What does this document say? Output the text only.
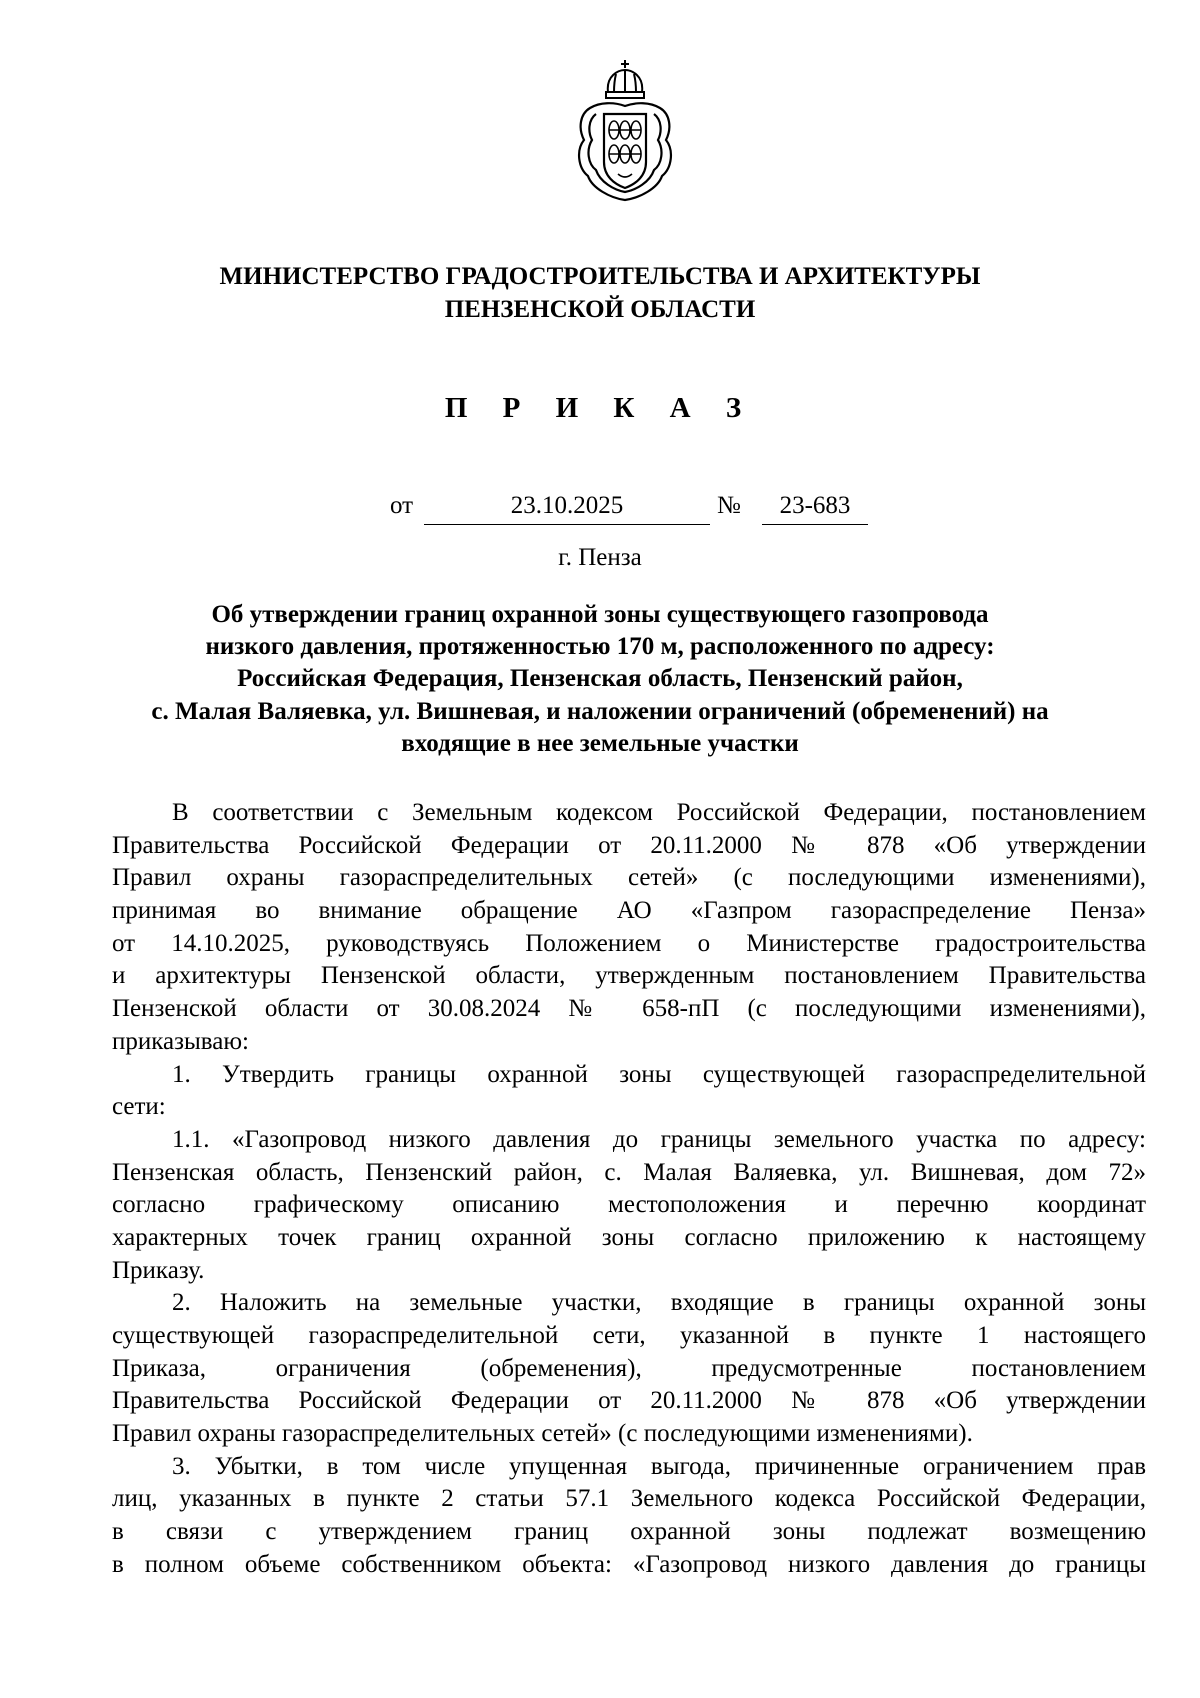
МИНИСТЕРСТВО ГРАДОСТРОИТЕЛЬСТВА И АРХИТЕКТУРЫ
ПЕНЗЕНСКОЙ ОБЛАСТИ
П Р И К А З
от	23.10.2025	№	23-683
г. Пенза
Об утверждении границ охранной зоны существующего газопровода
низкого давления, протяженностью 170 м, расположенного по адресу:
Российская Федерация, Пензенская область, Пензенский район,
с. Малая Валяевка, ул. Вишневая, и наложении ограничений (обременений) на
входящие в нее земельные участки
В соответствии с Земельным кодексом Российской Федерации, постановлением
Правительства Российской Федерации от 20.11.2000 № 878 «Об утверждении
Правил охраны газораспределительных сетей» (с последующими изменениями),
принимая во внимание обращение АО «Газпром газораспределение Пенза»
от 14.10.2025, руководствуясь Положением о Министерстве градостроительства
и архитектуры Пензенской области, утвержденным постановлением Правительства
Пензенской области от 30.08.2024 № 658-пП (с последующими изменениями),
приказываю:
1. Утвердить границы охранной зоны существующей газораспределительной
сети:
1.1. «Газопровод низкого давления до границы земельного участка по адресу:
Пензенская область, Пензенский район, с. Малая Валяевка, ул. Вишневая, дом 72»
согласно графическому описанию местоположения и перечню координат
характерных точек границ охранной зоны согласно приложению к настоящему
Приказу.
2. Наложить на земельные участки, входящие в границы охранной зоны
существующей газораспределительной сети, указанной в пункте 1 настоящего
Приказа, ограничения (обременения), предусмотренные постановлением
Правительства Российской Федерации от 20.11.2000 № 878 «Об утверждении
Правил охраны газораспределительных сетей» (с последующими изменениями).
3. Убытки, в том числе упущенная выгода, причиненные ограничением прав
лиц, указанных в пункте 2 статьи 57.1 Земельного кодекса Российской Федерации,
в связи с утверждением границ охранной зоны подлежат возмещению
в полном объеме собственником объекта: «Газопровод низкого давления до границы
